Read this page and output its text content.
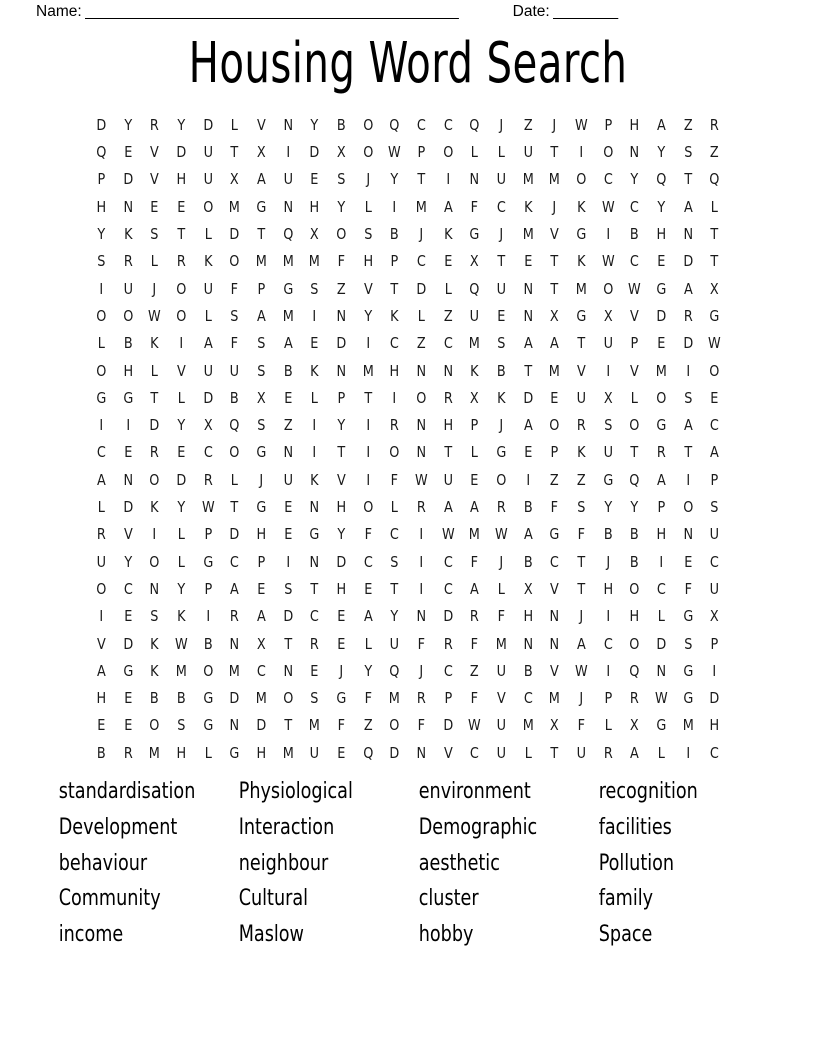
Name: ______________________________________________	Date: ________
Housing Word Search
D	Y	R	Y	D	L	V	N	Y	B	O	Q	C	C	Q	J	Z	J	W	P	H	A	Z	R
Q	E	V	D	U	T	X	I	D	X	O W	P	O	L	L	U	T	I	O	N	Y	S	Z
P	D	V	H	U	X	A	U	E	S	J	Y	T	I	N	U	M	M	O	C	Y	Q	T	Q
H	N	E	E	O	M	G	N	H	Y	L	I	M	A	F	C	K	J	K	W	C	Y	A	L
Y	K	S	T	L	D	T	Q	X	O	S	B	J	K	G	J	M	V	G	I	B	H	N	T
S	R	L	R	K	O	M	M	M	F	H	P	C	E	X	T	E	T	K	W	C	E	D	T
I	U	J	O	U	F	P	G	S	Z	V	T	D	L	Q	U	N	T	M	O W G	A	X
O	O W O	L	S	A	M	I	N	Y	K	L	Z	U	E	N	X	G	X	V	D	R	G
L	B	K	I	A	F	S	A	E	D	I	C	Z	C	M	S	A	A	T	U	P	E	D W
O	H	L	V	U	U	S	B	K	N	M	H	N	N	K	B	T	M	V	I	V	M	I	O
G	G	T	L	D	B	X	E	L	P	T	I	O	R	X	K	D	E	U	X	L	O	S	E
I	I	D	Y	X	Q	S	Z	I	Y	I	R	N	H	P	J	A	O	R	S	O	G	A	C
C	E	R	E	C	O	G	N	I	T	I	O	N	T	L	G	E	P	K	U	T	R	T	A
A	N	O	D	R	L	J	U	K	V	I	F	W	U	E	O	I	Z	Z	G	Q	A	I	P
L	D	K	Y	W	T	G	E	N	H	O	L	R	A	A	R	B	F	S	Y	Y	P	O	S
R	V	I	L	P	D	H	E	G	Y	F	C	I	W M W	A	G	F	B	B	H	N	U
U	Y	O	L	G	C	P	I	N	D	C	S	I	C	F	J	B	C	T	J	B	I	E	C
O	C	N	Y	P	A	E	S	T	H	E	T	I	C	A	L	X	V	T	H	O	C	F	U
I	E	S	K	I	R	A	D	C	E	A	Y	N	D	R	F	H	N	J	I	H	L	G	X
V	D	K	W	B	N	X	T	R	E	L	U	F	R	F	M	N	N	A	C	O	D	S	P
A	G	K	M	O	M	C	N	E	J	Y	Q	J	C	Z	U	B	V	W	I	Q	N	G	I
H	E	B	B	G	D	M	O	S	G	F	M	R	P	F	V	C	M	J	P	R	W G	D
E	E	O	S	G	N	D	T	M	F	Z	O	F	D W	U	M	X	F	L	X	G	M	H
B	R	M	H	L	G	H	M	U	E	Q	D	N	V	C	U	L	T	U	R	A	L	I	C
standardisation	Physiological	environment	recognition
Development	Interaction	Demographic	facilities
behaviour	neighbour	aesthetic	Pollution
Community	Cultural	cluster	family
income	Maslow	hobby	Space
